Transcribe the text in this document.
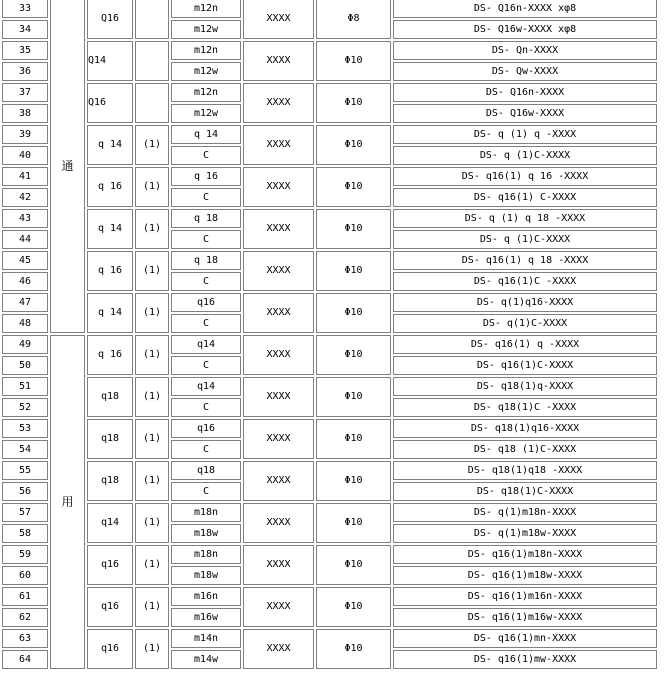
33	通	Q16		m12n	XXXX	Φ8	DS- Q16n-XXXX xφ8
34				m12w			DS- Q16w-XXXX xφ8
35		Q14		m12n	XXXX	Φ10	DS- Qn-XXXX
36				m12w			DS- Qw-XXXX
37		Q16		m12n	XXXX	Φ10	DS- Q16n-XXXX
38				m12w			DS- Q16w-XXXX
39		q 14	(1)	q 14	XXXX	Φ10	DS- q (1) q -XXXX
40				C			DS- q (1)C-XXXX
41		q 16	(1)	q 16	XXXX	Φ10	DS- q16(1) q 16 -XXXX
42				C			DS- q16(1) C-XXXX
43		q 14	(1)	q 18	XXXX	Φ10	DS- q (1) q 18 -XXXX
44				C			DS- q (1)C-XXXX
45		q 16	(1)	q 18	XXXX	Φ10	DS- q16(1) q 18 -XXXX
46				C			DS- q16(1)C -XXXX
47		q 14	(1)	q16	XXXX	Φ10	DS- q(1)q16-XXXX
48				C			DS- q(1)C-XXXX
49	用	q 16	(1)	q14	XXXX	Φ10	DS- q16(1) q -XXXX
50				C			DS- q16(1)C-XXXX
51		q18	(1)	q14	XXXX	Φ10	DS- q18(1)q-XXXX
52				C			DS- q18(1)C -XXXX
53		q18	(1)	q16	XXXX	Φ10	DS- q18(1)q16-XXXX
54				C			DS- q18 (1)C-XXXX
55		q18	(1)	q18	XXXX	Φ10	DS- q18(1)q18 -XXXX
56				C			DS- q18(1)C-XXXX
57		q14	(1)	m18n	XXXX	Φ10	DS- q(1)m18n-XXXX
58				m18w			DS- q(1)m18w-XXXX
59		q16	(1)	m18n	XXXX	Φ10	DS- q16(1)m18n-XXXX
60				m18w			DS- q16(1)m18w-XXXX
61		q16	(1)	m16n	XXXX	Φ10	DS- q16(1)m16n-XXXX
62				m16w			DS- q16(1)m16w-XXXX
63		q16	(1)	m14n	XXXX	Φ10	DS- q16(1)mn-XXXX
64				m14w			DS- q16(1)mw-XXXX
